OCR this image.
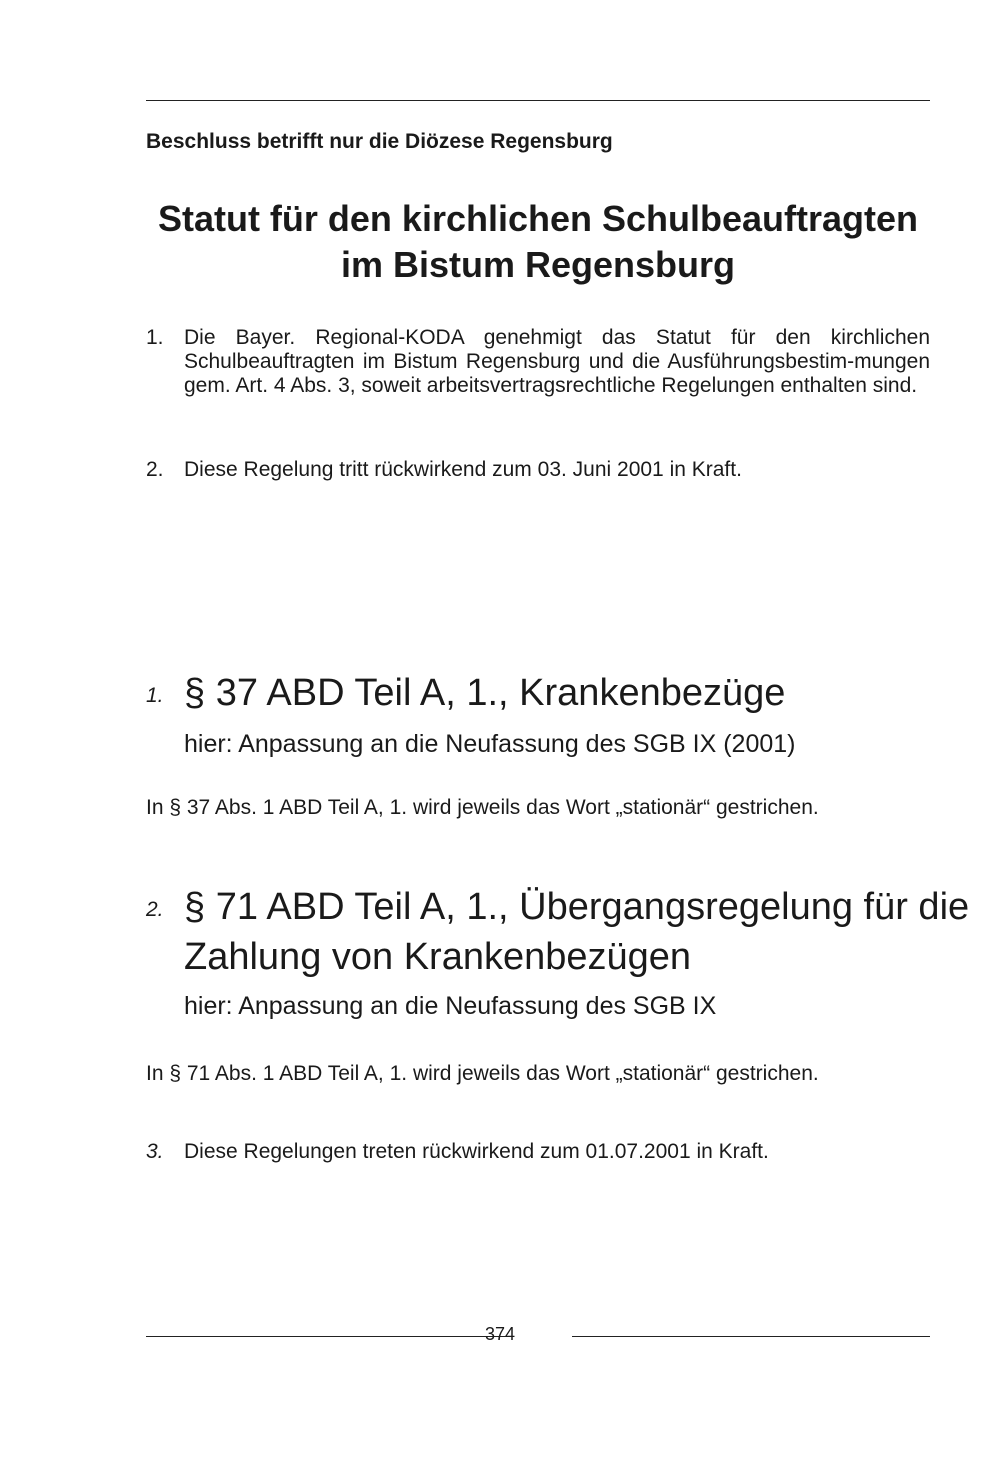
Beschluss betrifft nur die Diözese Regensburg
Statut für den kirchlichen Schulbeauftragten
im Bistum Regensburg
1. Die Bayer. Regional-KODA genehmigt das Statut für den kirchlichen Schulbeauftragten im Bistum Regensburg und die Ausführungsbestim-mungen gem. Art. 4 Abs. 3, soweit arbeitsvertragsrechtliche Regelungen enthalten sind.
2. Diese Regelung tritt rückwirkend zum 03. Juni 2001 in Kraft.
1. § 37 ABD Teil A, 1., Krankenbezüge
hier: Anpassung an die Neufassung des SGB IX (2001)
In § 37 Abs. 1 ABD Teil A, 1. wird jeweils das Wort „stationär“ gestrichen.
2. § 71 ABD Teil A, 1., Übergangsregelung für die
Zahlung von Krankenbezügen
hier: Anpassung an die Neufassung des SGB IX
In § 71 Abs. 1 ABD Teil A, 1. wird jeweils das Wort „stationär“ gestrichen.
3. Diese Regelungen treten rückwirkend zum 01.07.2001 in Kraft.
374
